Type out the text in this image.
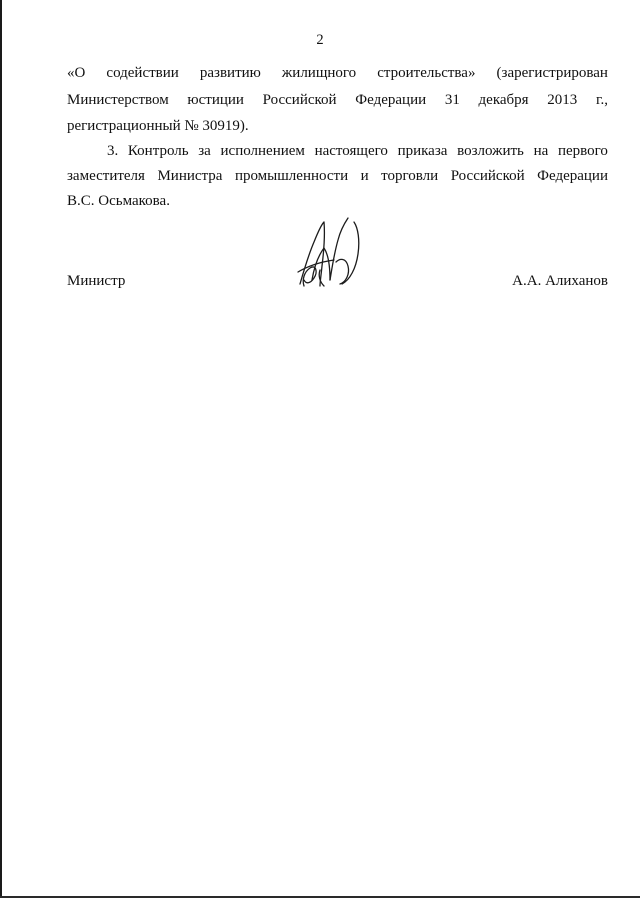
2
«О содействии развитию жилищного строительства» (зарегистрирован
Министерством юстиции Российской Федерации 31 декабря 2013 г.,
регистрационный № 30919).
3. Контроль за исполнением настоящего приказа возложить на первого
заместителя Министра промышленности и торговли Российской Федерации
В.С. Осьмакова.
Министр	А.А. Алиханов
